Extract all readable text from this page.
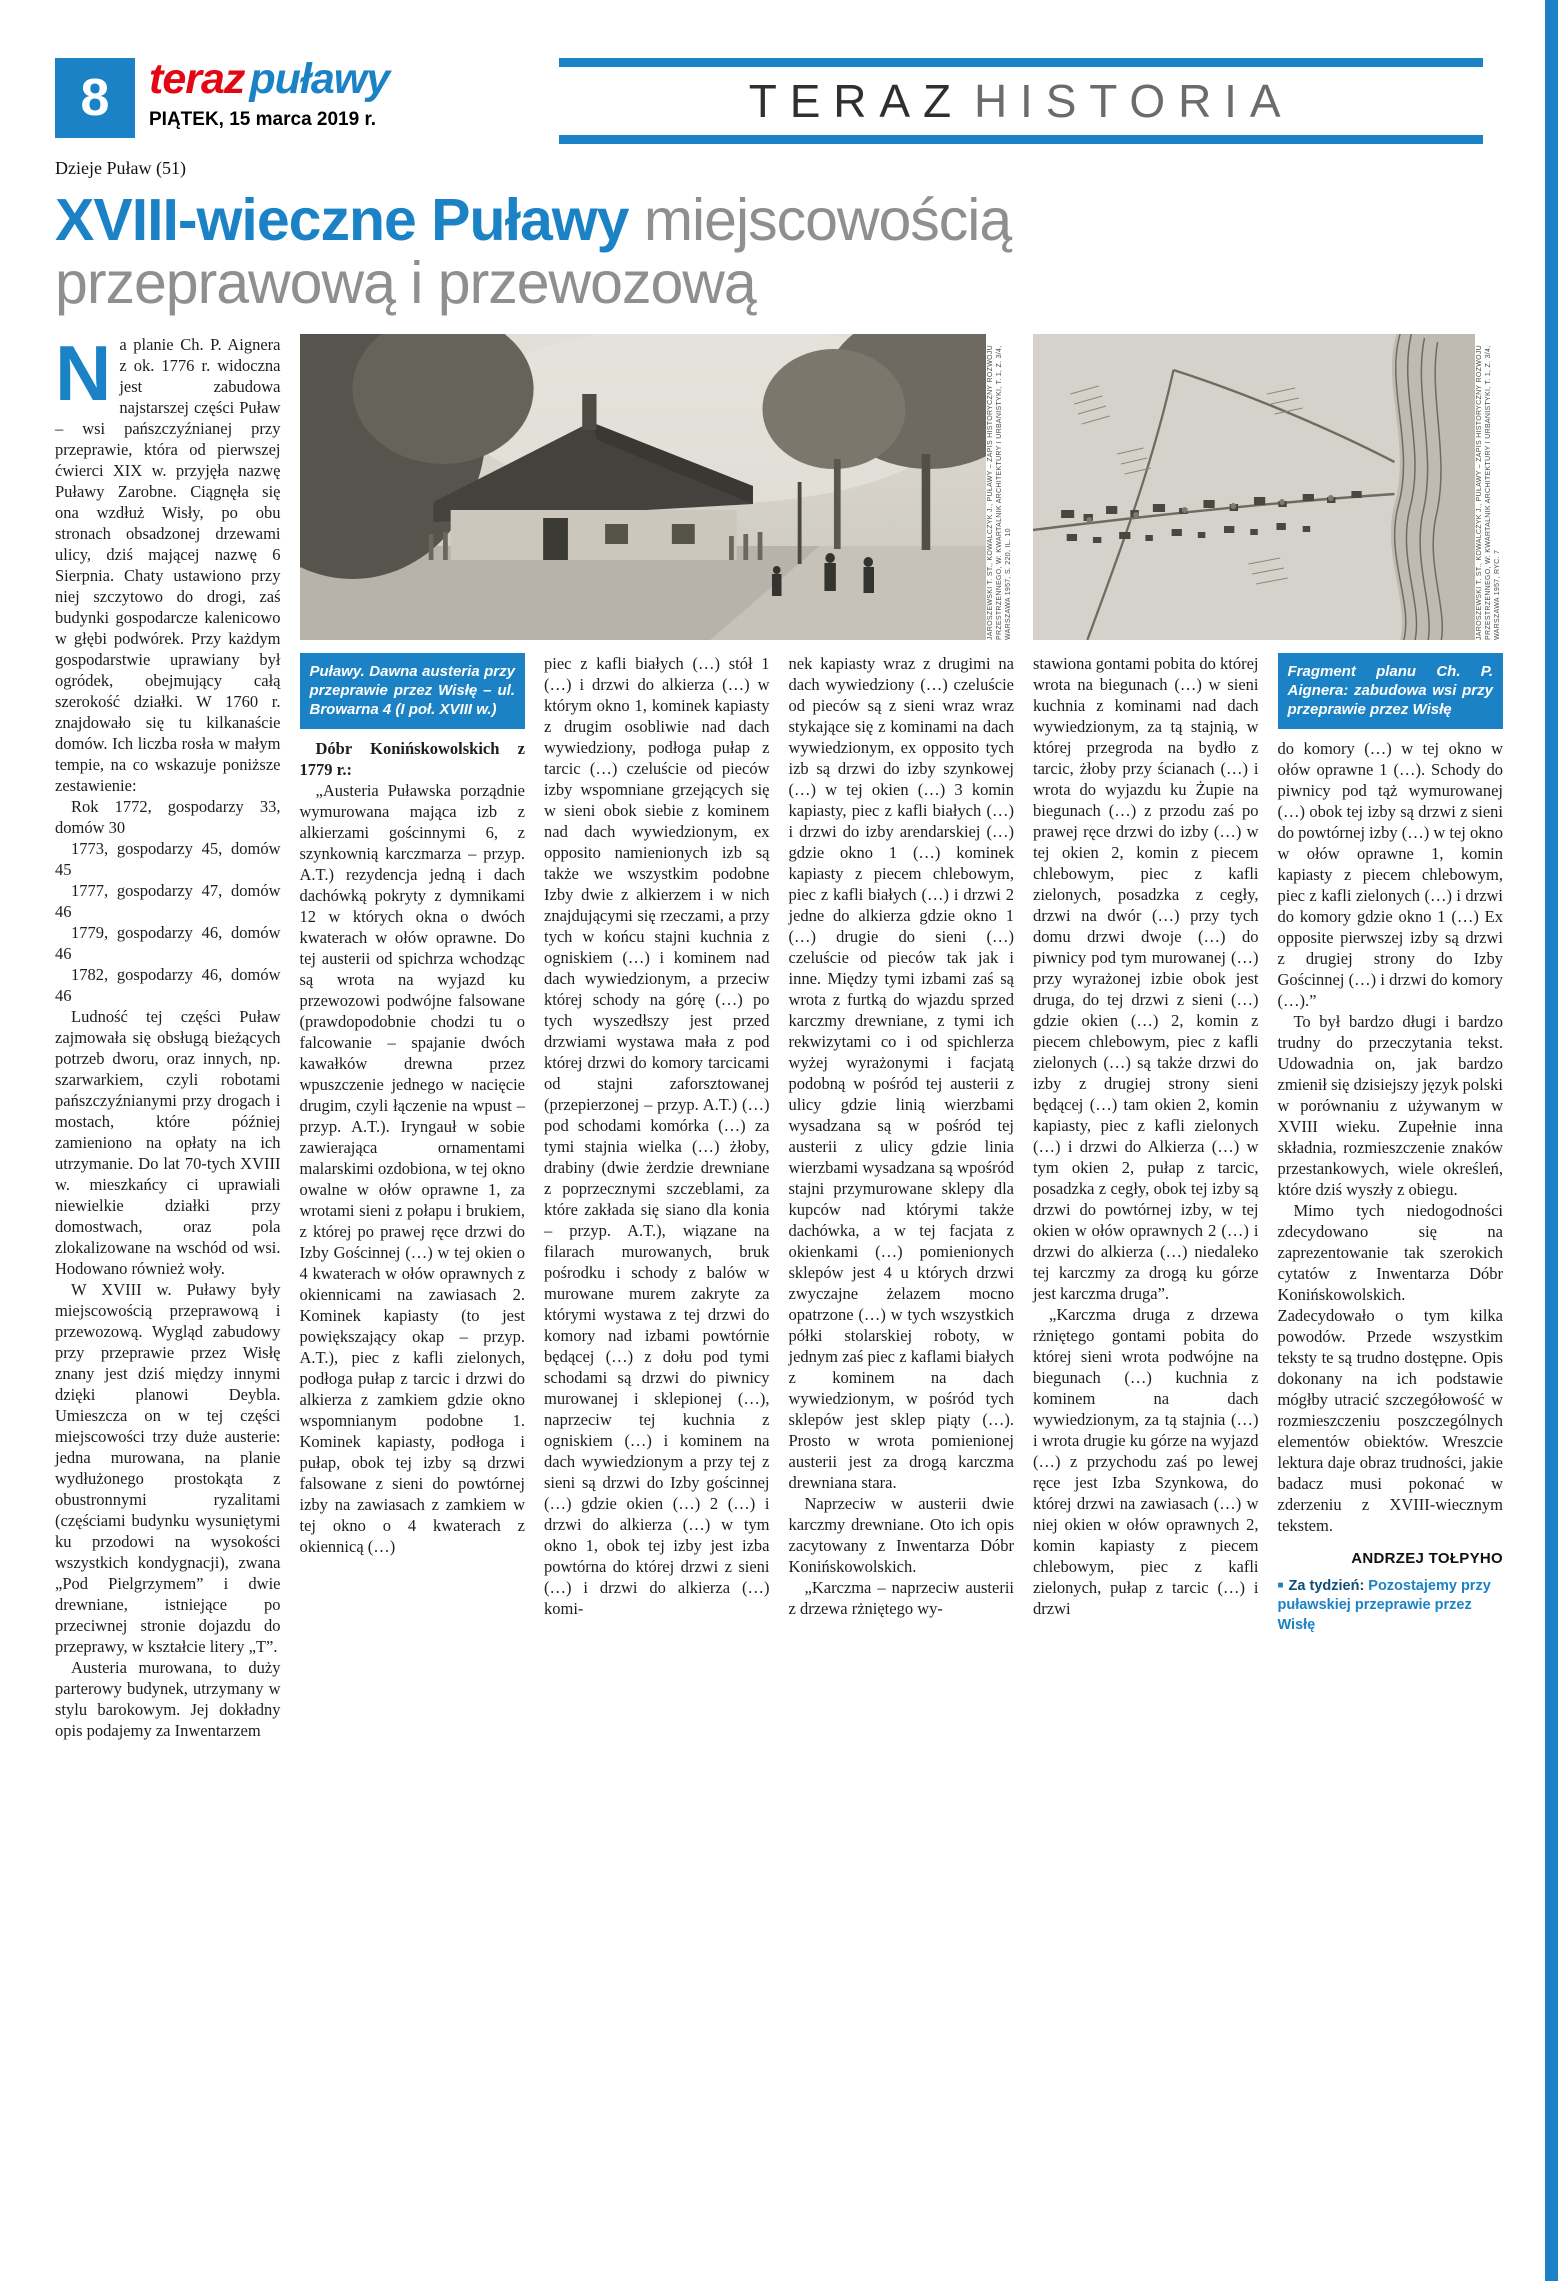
8 teraz puławy
PIĄTEK, 15 marca 2019 r.	TERAZ HISTORIA

Dzieje Puław (51)

XVIII-wieczne Puławy miejscowością
przeprawową i przewozową

Na planie Ch. P. Aignera z ok. 1776 r. widoczna jest zabudowa najstarszej części Puław – wsi pańszczyźnianej przy przeprawie, która od pierwszej ćwierci XIX w. przyjęła nazwę Puławy Zarobne. Ciągnęła się ona wzdłuż Wisły, po obu stronach obsadzonej drzewami ulicy, dziś mającej nazwę 6 Sierpnia. Chaty ustawiono przy niej szczytowo do drogi, zaś budynki gospodarcze kalenicowo w głębi podwórek. Przy każdym gospodarstwie uprawiany był ogródek, obejmujący całą szerokość działki. W 1760 r. znajdowało się tu kilkanaście domów. Ich liczba rosła w małym tempie, na co wskazuje poniższe zestawienie:

Rok 1772, gospodarzy 33, domów 30

1773, gospodarzy 45, domów 45

1777, gospodarzy 47, domów 46

1779, gospodarzy 46, domów 46

1782, gospodarzy 46, domów 46

Ludność tej części Puław zajmowała się obsługą bieżących potrzeb dworu, oraz innych, np. szarwarkiem, czyli robotami pańszczyźnianymi przy drogach i mostach, które później zamieniono na opłaty na ich utrzymanie. Do lat 70-tych XVIII w. mieszkańcy ci uprawiali niewielkie działki przy domostwach, oraz pola zlokalizowane na wschód od wsi. Hodowano również woły.

W XVIII w. Puławy były miejscowością przeprawową i przewozową. Wygląd zabudowy przy przeprawie przez Wisłę znany jest dziś między innymi dzięki planowi Deybla. Umieszcza on w tej części miejscowości trzy duże austerie: jedna murowana, na planie wydłużonego prostokąta z obustronnymi ryzalitami (częściami budynku wysuniętymi ku przodowi na wysokości wszystkich kondygnacji), zwana „Pod Pielgrzymem” i dwie drewniane, istniejące po przeciwnej stronie dojazdu do przeprawy, w kształcie litery „T”.

Austeria murowana, to duży parterowy budynek, utrzymany w stylu barokowym. Jej dokładny opis podajemy za Inwentarzem

JAROSZEWSKI T. ST., KOWALCZYK J., PUŁAWY – ZAPIS HISTORYCZNY ROZWOJU PRZESTRZENNEGO, W: KWARTALNIK ARCHITEKTURY I URBANISTYKI, T. 1, Z. 3/4, WARSZAWA 1957, S. 220, IL. 10	JAROSZEWSKI T. ST., KOWALCZYK J., PUŁAWY – ZAPIS HISTORYCZNY ROZWOJU PRZESTRZENNEGO, W: KWARTALNIK ARCHITEKTURY I URBANISTYKI, T. 1, Z. 3/4, WARSZAWA 1957, RYC. 7
Puławy. Dawna austeria przy przeprawie przez Wisłę – ul. Browarna 4 (I poł. XVIII w.)

Dóbr Konińskowolskich z 1779 r.:

„Austeria Puławska porządnie wymurowana mająca izb z alkierzami gościnnymi 6, z szynkownią karczmarza – przyp. A.T.) rezydencja jedną i dach dachówką pokryty z dymnikami 12 w których okna o dwóch kwaterach w ołów oprawne. Do tej austerii od spichrza wchodząc są wrota na wyjazd ku przewozowi podwójne falsowane (prawdopodobnie chodzi tu o falcowanie – spajanie dwóch kawałków drewna przez wpuszczenie jednego w nacięcie drugim, czyli łączenie na wpust – przyp. A.T.). Iryngauł w sobie zawierająca ornamentami malarskimi ozdobiona, w tej okno owalne w ołów oprawne 1, za wrotami sieni z połapu i brukiem, z której po prawej ręce drzwi do Izby Gościnnej (…) w tej okien o 4 kwaterach w ołów oprawnych z okiennicami na zawiasach 2. Kominek kapiasty (to jest powiększający okap – przyp. A.T.), piec z kafli zielonych, podłoga pułap z tarcic i drzwi do alkierza z zamkiem gdzie okno wspomnianym podobne 1. Kominek kapiasty, podłoga i pułap, obok tej izby są drzwi falsowane z sieni do powtórnej izby na zawiasach z zamkiem w tej okno o 4 kwaterach z okiennicą (…)

piec z kafli białych (…) stół 1 (…) i drzwi do alkierza (…) w którym okno 1, kominek kapiasty z drugim osobliwie nad dach wywiedziony, podłoga pułap z tarcic (…) czeluście od pieców izby wspomniane grzejących się w sieni obok siebie z kominem nad dach wywiedzionym, ex opposito namienionych izb są także we wszystkim podobne Izby dwie z alkierzem i w nich znajdującymi się rzeczami, a przy tych w końcu stajni kuchnia z ogniskiem (…) i kominem nad dach wywiedzionym, a przeciw której schody na górę (…) po tych wyszedłszy jest przed drzwiami wystawa mała z pod której drzwi do komory tarcicami od stajni zaforsztowanej (przepierzonej – przyp. A.T.) (…) pod schodami komórka (…) za tymi stajnia wielka (…) żłoby, drabiny (dwie żerdzie drewniane z poprzecznymi szczeblami, za które zakłada się siano dla konia – przyp. A.T.), wiązane na filarach murowanych, bruk pośrodku i schody z balów w murowane murem zakryte za którymi wystawa z tej drzwi do komory nad izbami powtórnie będącej (…) z dołu pod tymi schodami są drzwi do piwnicy murowanej i sklepionej (…), naprzeciw tej kuchnia z ogniskiem (…) i kominem na dach wywiedzionym a przy tej z sieni są drzwi do Izby gościnnej (…) gdzie okien (…) 2 (…) i drzwi do alkierza (…) w tym okno 1, obok tej izby jest izba powtórna do której drzwi z sieni (…) i drzwi do alkierza (…) komi-

nek kapiasty wraz z drugimi na dach wywiedziony (…) czeluście od pieców są z sieni wraz wraz stykające się z kominami na dach wywiedzionym, ex opposito tych izb są drzwi do izby szynkowej (…) w tej okien (…) 3 komin kapiasty, piec z kafli białych (…) i drzwi do izby arendarskiej (…) gdzie okno 1 (…) kominek kapiasty z piecem chlebowym, piec z kafli białych (…) i drzwi 2 jedne do alkierza gdzie okno 1 (…) drugie do sieni (…) czeluście od pieców tak jak i inne. Między tymi izbami zaś są wrota z furtką do wjazdu sprzed karczmy drewniane, z tymi ich rekwizytami co i od spichlerza wyżej wyrażonymi i facjatą podobną w pośród tej austerii z ulicy gdzie linią wierzbami wysadzana są w pośród tej austerii z ulicy gdzie linia wierzbami wysadzana są wpośród stajni przymurowane sklepy dla kupców nad którymi także dachówka, a w tej facjata z okienkami (…) pomienionych sklepów jest 4 u których drzwi zwyczajne żelazem mocno opatrzone (…) w tych wszystkich półki stolarskiej roboty, w jednym zaś piec z kaflami białych z kominem na dach wywiedzionym, w pośród tych sklepów jest sklep piąty (…). Prosto w wrota pomienionej austerii jest za drogą karczma drewniana stara.

Naprzeciw w austerii dwie karczmy drewniane. Oto ich opis zacytowany z Inwentarza Dóbr Konińskowolskich.

„Karczma – naprzeciw austerii z drzewa rżniętego wy-

stawiona gontami pobita do której wrota na biegunach (…) w sieni kuchnia z kominami nad dach wywiedzionym, za tą stajnią, w której przegroda na bydło z tarcic, żłoby przy ścianach (…) i wrota do wyjazdu ku Żupie na biegunach (…) z przodu zaś po prawej ręce drzwi do izby (…) w tej okien 2, komin z piecem chlebowym, piec z kafli zielonych, posadzka z cegły, drzwi na dwór (…) przy tych domu drzwi dwoje (…) do piwnicy pod tym murowanej (…) przy wyrażonej izbie obok jest druga, do tej drzwi z sieni (…) gdzie okien (…) 2, komin z piecem chlebowym, piec z kafli zielonych (…) są także drzwi do izby z drugiej strony sieni będącej (…) tam okien 2, komin kapiasty, piec z kafli zielonych (…) i drzwi do Alkierza (…) w tym okien 2, pułap z tarcic, posadzka z cegły, obok tej izby są drzwi do powtórnej izby, w tej okien w ołów oprawnych 2 (…) i drzwi do alkierza (…) niedaleko tej karczmy za drogą ku górze jest karczma druga”.

„Karczma druga z drzewa rżniętego gontami pobita do której sieni wrota podwójne na biegunach (…) kuchnia z kominem na dach wywiedzionym, za tą stajnia (…) i wrota drugie ku górze na wyjazd (…) z przychodu zaś po lewej ręce jest Izba Szynkowa, do której drzwi na zawiasach (…) w niej okien w ołów oprawnych 2, komin kapiasty z piecem chlebowym, piec z kafli zielonych, pułap z tarcic (…) i drzwi

Fragment planu Ch. P. Aignera: zabudowa wsi przy przeprawie przez Wisłę

do komory (…) w tej okno w ołów oprawne 1 (…). Schody do piwnicy pod tąż wymurowanej (…) obok tej izby są drzwi z sieni do powtórnej izby (…) w tej okno w ołów oprawne 1, komin kapiasty z piecem chlebowym, piec z kafli zielonych (…) i drzwi do komory gdzie okno 1 (…) Ex opposite pierwszej izby są drzwi z drugiej strony do Izby Gościnnej (…) i drzwi do komory (…).”

To był bardzo długi i bardzo trudny do przeczytania tekst. Udowadnia on, jak bardzo zmienił się dzisiejszy język polski w porównaniu z używanym w XVIII wieku. Zupełnie inna składnia, rozmieszczenie znaków przestankowych, wiele określeń, które dziś wyszły z obiegu.

Mimo tych niedogodności zdecydowano się na zaprezentowanie tak szerokich cytatów z Inwentarza Dóbr Konińskowolskich. Zadecydowało o tym kilka powodów. Przede wszystkim teksty te są trudno dostępne. Opis dokonany na ich podstawie mógłby utracić szczegółowość w rozmieszczeniu poszczególnych elementów obiektów. Wreszcie lektura daje obraz trudności, jakie badacz musi pokonać w zderzeniu z XVIII-wiecznym tekstem.

ANDRZEJ TOŁPYHO

■ Za tydzień: Pozostajemy przy puławskiej przeprawie przez Wisłę
